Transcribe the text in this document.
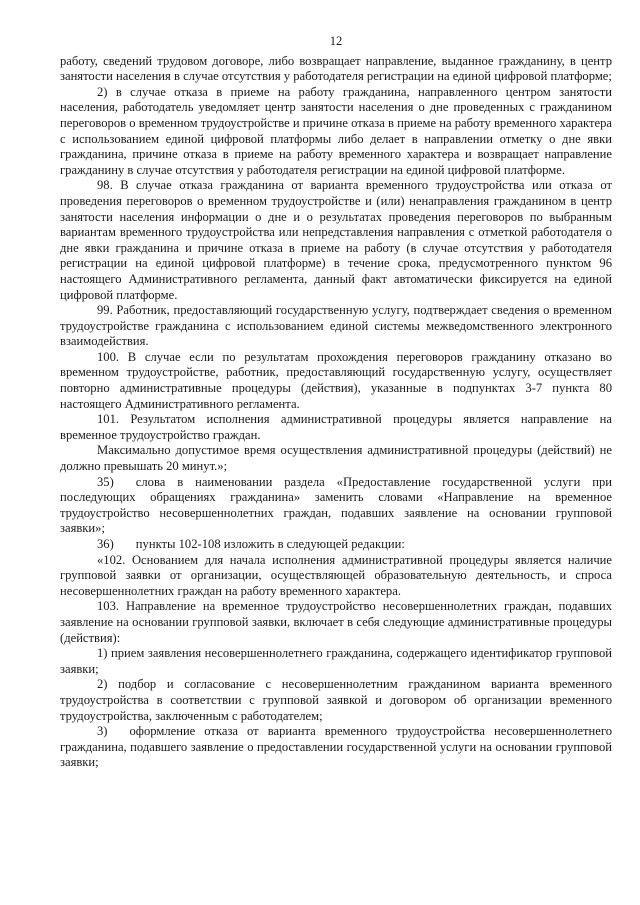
12

работу, сведений трудовом договоре, либо возвращает направление, выданное гражданину, в центр занятости населения в случае отсутствия у работодателя регистрации на единой цифровой платформе;

2) в случае отказа в приеме на работу гражданина, направленного центром занятости населения, работодатель уведомляет центр занятости населения о дне проведенных с гражданином переговоров о временном трудоустройстве и причине отказа в приеме на работу временного характера с использованием единой цифровой платформы либо делает в направлении отметку о дне явки гражданина, причине отказа в приеме на работу временного характера и возвращает направление гражданину в случае отсутствия у работодателя регистрации на единой цифровой платформе.

98. В случае отказа гражданина от варианта временного трудоустройства или отказа от проведения переговоров о временном трудоустройстве и (или) ненаправления гражданином в центр занятости населения информации о дне и о результатах проведения переговоров по выбранным вариантам временного трудоустройства или непредставления направления с отметкой работодателя о дне явки гражданина и причине отказа в приеме на работу (в случае отсутствия у работодателя регистрации на единой цифровой платформе) в течение срока, предусмотренного пунктом 96 настоящего Административного регламента, данный факт автоматически фиксируется на единой цифровой платформе.

99. Работник, предоставляющий государственную услугу, подтверждает сведения о временном трудоустройстве гражданина с использованием единой системы межведомственного электронного взаимодействия.

100. В случае если по результатам прохождения переговоров гражданину отказано во временном трудоустройстве, работник, предоставляющий государственную услугу, осуществляет повторно административные процедуры (действия), указанные в подпунктах 3-7 пункта 80 настоящего Административного регламента.

101. Результатом исполнения административной процедуры является направление на временное трудоустройство граждан.

Максимально допустимое время осуществления административной процедуры (действий) не должно превышать 20 минут.»;

35) слова в наименовании раздела «Предоставление государственной услуги при последующих обращениях гражданина» заменить словами «Направление на временное трудоустройство несовершеннолетних граждан, подавших заявление на основании групповой заявки»;

36) пункты 102-108 изложить в следующей редакции:

«102. Основанием для начала исполнения административной процедуры является наличие групповой заявки от организации, осуществляющей образовательную деятельность, и спроса несовершеннолетних граждан на работу временного характера.

103. Направление на временное трудоустройство несовершеннолетних граждан, подавших заявление на основании групповой заявки, включает в себя следующие административные процедуры (действия):

1) прием заявления несовершеннолетнего гражданина, содержащего идентификатор групповой заявки;

2) подбор и согласование с несовершеннолетним гражданином варианта временного трудоустройства в соответствии с групповой заявкой и договором об организации временного трудоустройства, заключенным с работодателем;

3) оформление отказа от варианта временного трудоустройства несовершеннолетнего гражданина, подавшего заявление о предоставлении государственной услуги на основании групповой заявки;
